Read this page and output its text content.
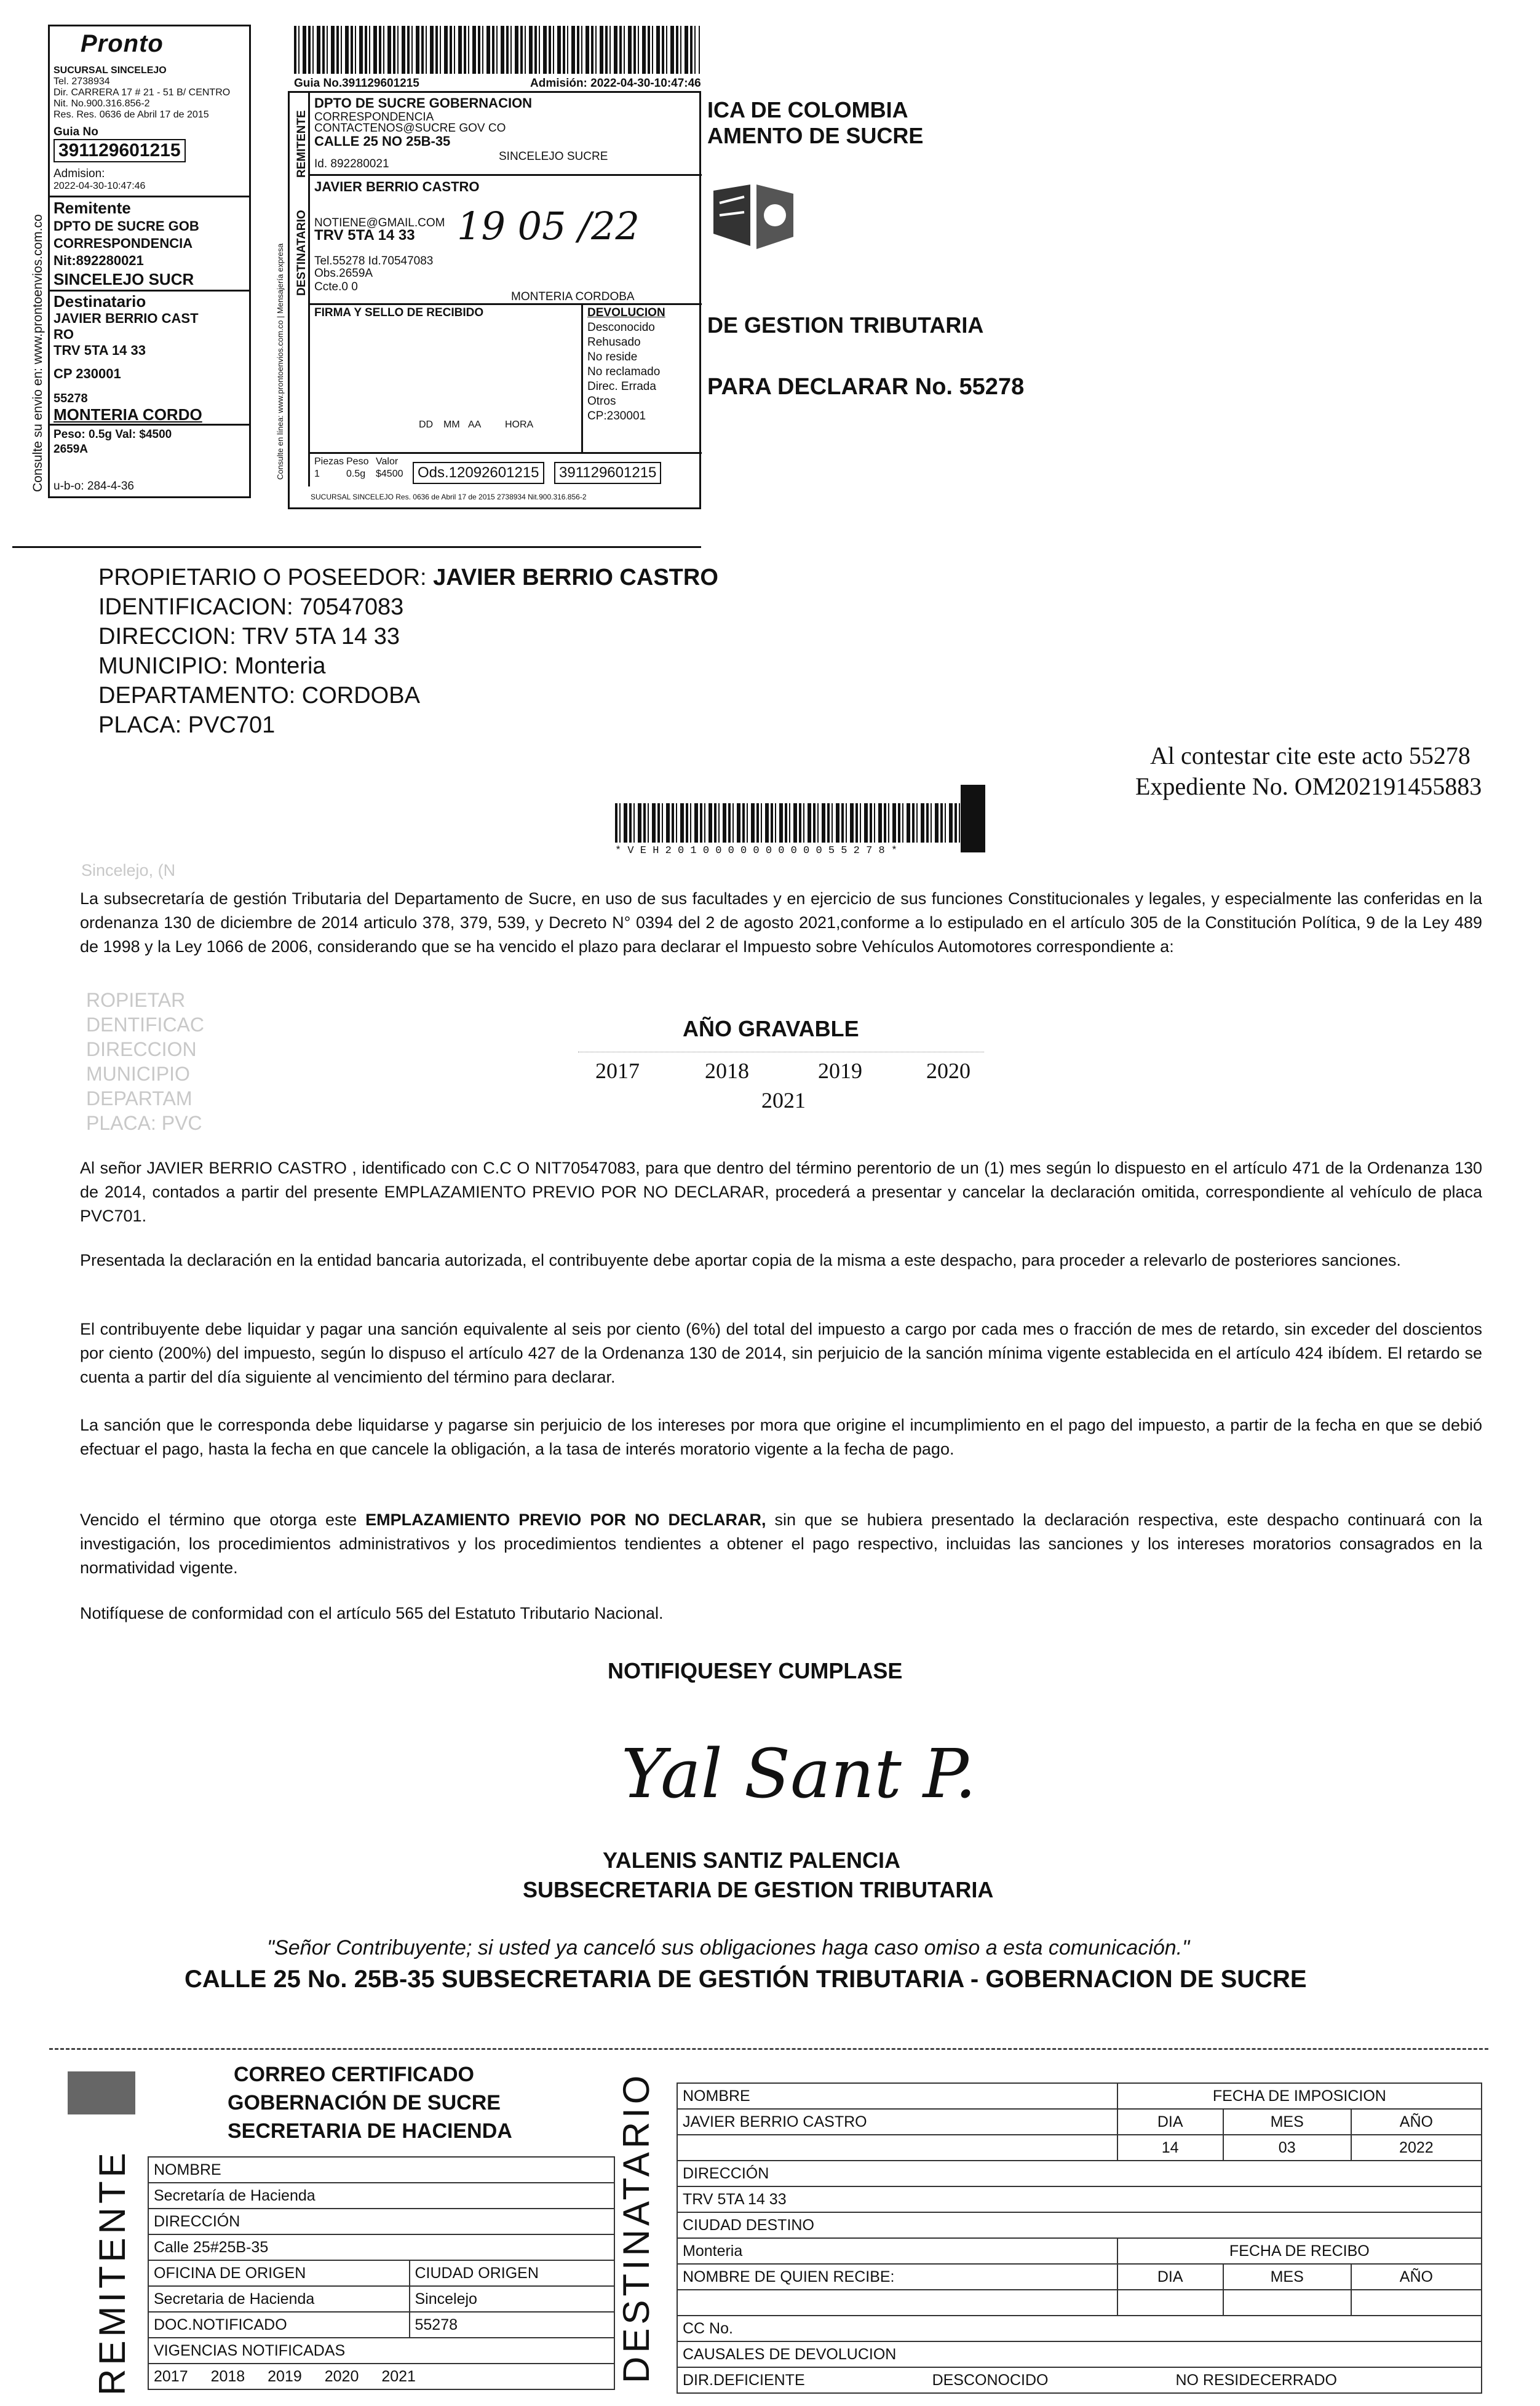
Pronto
SUCURSAL SINCELEJO
Tel. 2738934
Dir. CARRERA 17 # 21 - 51 B/ CENTRO
Nit. No.900.316.856-2
Res. Res. 0636 de Abril 17 de 2015
Guia No
391129601215
Admision:
2022-04-30-10:47:46
Remitente
DPTO DE SUCRE GOB
CORRESPONDENCIA
Nit:892280021
SINCELEJO SUCR
Destinatario
JAVIER BERRIO CAST
RO
TRV 5TA 14 33
CP 230001
55278
MONTERIA CORDO
Peso: 0.5g Val: $4500
2659A
u-b-o: 284-4-36
Consulte su envio en: www.prontoenvios.com.co
Guia No.391129601215	Admisión: 2022-04-30-10:47:46
REMITENTE
DPTO DE SUCRE GOBERNACION
CORRESPONDENCIA
CONTACTENOS@SUCRE GOV CO
CALLE 25 NO 25B-35
SINCELEJO SUCRE
Id. 892280021
DESTINATARIO
JAVIER BERRIO CASTRO
NOTIENE@GMAIL.COM
TRV 5TA 14 33 19 05 /22
Tel.55278 Id.70547083
Obs.2659A
Ccte.0 0
MONTERIA CORDOBA
FIRMA Y SELLO DE RECIBIDO	DEVOLUCION
Desconocido
Rehusado
No reside
No reclamado
Direc. Errada
Otros
CP:230001
DD MM AA HORA
Piezas Peso Valor
1	0.5g $4500 Ods.12092601215	391129601215
SUCURSAL SINCELEJO Res. 0636 de Abril 17 de 2015 2738934 Nit.900.316.856-2
Consulte en línea: www.prontoenvios.com.co | Mensajería expresa
ICA DE COLOMBIA
AMENTO DE SUCRE
DE GESTION TRIBUTARIA
PARA DECLARAR No. 55278
PROPIETARIO O POSEEDOR: JAVIER BERRIO CASTRO
IDENTIFICACION: 70547083
DIRECCION: TRV 5TA 14 33
MUNICIPIO: Monteria
DEPARTAMENTO: CORDOBA
PLACA: PVC701
Al contestar cite este acto 55278
Expediente No. OM202191455883
* V E H 2 0 1 0 0 0 0 0 0 0 0 0 0 5 5 2 7 8 *
Sincelejo, (N
La subsecretaría de gestión Tributaria del Departamento de Sucre, en uso de sus facultades y en ejercicio de sus funciones Constitucionales y legales, y especialmente las conferidas en la ordenanza 130 de diciembre de 2014 articulo 378, 379, 539, y Decreto N° 0394 del 2 de agosto 2021,conforme a lo estipulado en el artículo 305 de la Constitución Política, 9 de la Ley 489 de 1998 y la Ley 1066 de 2006, considerando que se ha vencido el plazo para declarar el Impuesto sobre Vehículos Automotores correspondiente a:
ROPIETAR
DENTIFICAC
DIRECCION
MUNICIPIO
DEPARTAM
PLACA: PVC
AÑO GRAVABLE
2017	2018	2019	2020
2021
Al señor JAVIER BERRIO CASTRO , identificado con C.C O NIT70547083, para que dentro del término perentorio de un (1) mes según lo dispuesto en el artículo 471 de la Ordenanza 130 de 2014, contados a partir del presente EMPLAZAMIENTO PREVIO POR NO DECLARAR, procederá a presentar y cancelar la declaración omitida, correspondiente al vehículo de placa PVC701.
Presentada la declaración en la entidad bancaria autorizada, el contribuyente debe aportar copia de la misma a este despacho, para proceder a relevarlo de posteriores sanciones.
El contribuyente debe liquidar y pagar una sanción equivalente al seis por ciento (6%) del total del impuesto a cargo por cada mes o fracción de mes de retardo, sin exceder del doscientos por ciento (200%) del impuesto, según lo dispuso el artículo 427 de la Ordenanza 130 de 2014, sin perjuicio de la sanción mínima vigente establecida en el artículo 424 ibídem. El retardo se cuenta a partir del día siguiente al vencimiento del término para declarar.
La sanción que le corresponda debe liquidarse y pagarse sin perjuicio de los intereses por mora que origine el incumplimiento en el pago del impuesto, a partir de la fecha en que se debió efectuar el pago, hasta la fecha en que cancele la obligación, a la tasa de interés moratorio vigente a la fecha de pago.
Vencido el término que otorga este EMPLAZAMIENTO PREVIO POR NO DECLARAR, sin que se hubiera presentado la declaración respectiva, este despacho continuará con la investigación, los procedimientos administrativos y los procedimientos tendientes a obtener el pago respectivo, incluidas las sanciones y los intereses moratorios consagrados en la normatividad vigente.
Notifíquese de conformidad con el artículo 565 del Estatuto Tributario Nacional.
NOTIFIQUESEY CUMPLASE
Yal Sant P.
YALENIS SANTIZ PALENCIA
SUBSECRETARIA DE GESTION TRIBUTARIA
"Señor Contribuyente; si usted ya canceló sus obligaciones haga caso omiso a esta comunicación."
CALLE 25 No. 25B-35 SUBSECRETARIA DE GESTIÓN TRIBUTARIA - GOBERNACION DE SUCRE
CORREO CERTIFICADO
GOBERNACIÓN DE SUCRE
SECRETARIA DE HACIENDA
REMITENTE	DESTINATARIO
NOMBRE	
Secretaría de Hacienda	
DIRECCIÓN	
Calle 25#25B-35	
OFICINA DE ORIGEN	CIUDAD ORIGEN
Secretaria de Hacienda	Sincelejo
DOC.NOTIFICADO	55278
VIGENCIAS NOTIFICADAS	
2017 2018 2019 2020 2021	
NOMBRE	FECHA DE IMPOSICION		
JAVIER BERRIO CASTRO	DIA	MES	AÑO
	14	03	2022
DIRECCIÓN			
TRV 5TA 14 33			
CIUDAD DESTINO			
Monteria	FECHA DE RECIBO		
NOMBRE DE QUIEN RECIBE:	DIA	MES	AÑO

CC No.			
CAUSALES DE DEVOLUCION			
DIR.DEFICIENTE DESCONOCIDO NO RESIDECERRADO			
